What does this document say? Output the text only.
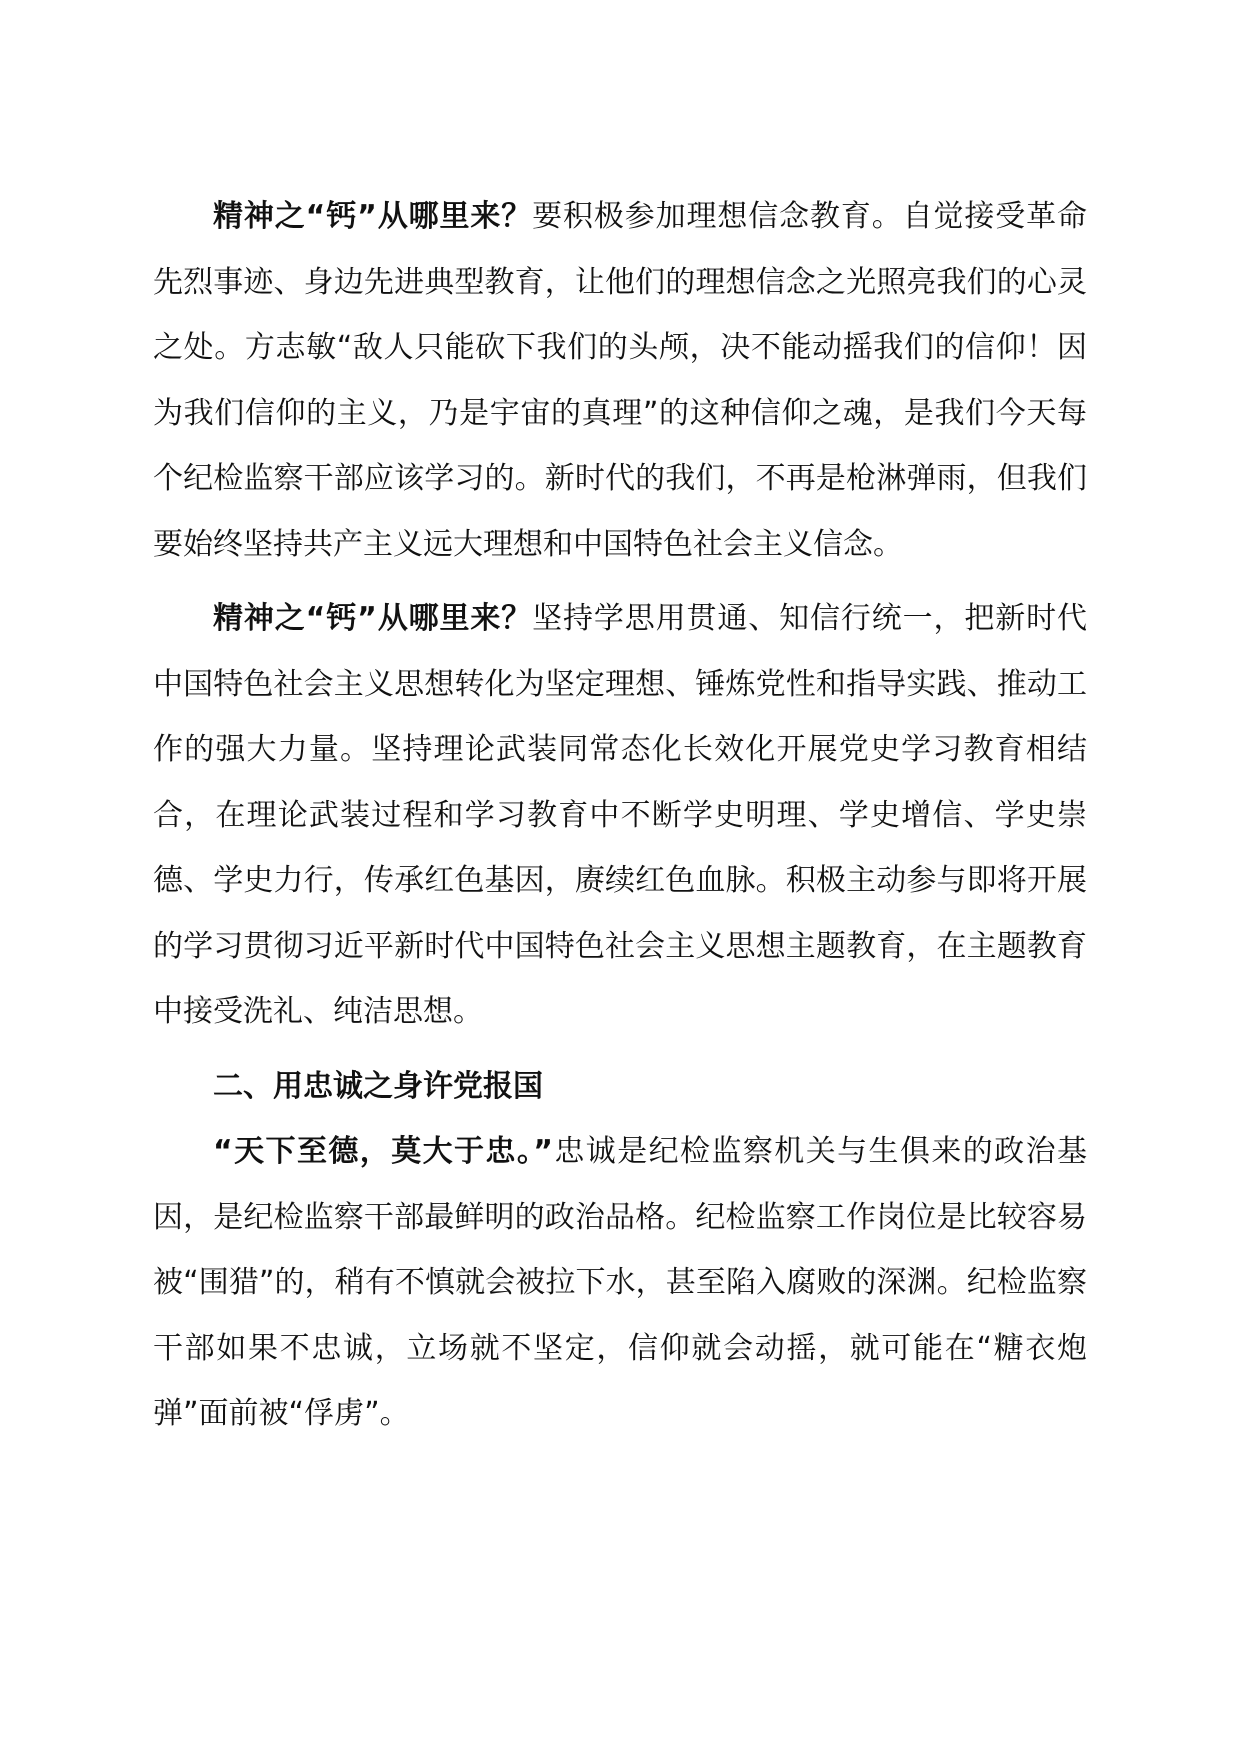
精神之“钙”从哪里来？要积极参加理想信念教育。自觉接受革命先烈事迹、身边先进典型教育，让他们的理想信念之光照亮我们的心灵之处。方志敏“敌人只能砍下我们的头颅，决不能动摇我们的信仰！因为我们信仰的主义，乃是宇宙的真理”的这种信仰之魂，是我们今天每个纪检监察干部应该学习的。新时代的我们，不再是枪淋弹雨，但我们要始终坚持共产主义远大理想和中国特色社会主义信念。

精神之“钙”从哪里来？坚持学思用贯通、知信行统一，把新时代中国特色社会主义思想转化为坚定理想、锤炼党性和指导实践、推动工作的强大力量。坚持理论武装同常态化长效化开展党史学习教育相结合，在理论武装过程和学习教育中不断学史明理、学史增信、学史崇德、学史力行，传承红色基因，赓续红色血脉。积极主动参与即将开展的学习贯彻习近平新时代中国特色社会主义思想主题教育，在主题教育中接受洗礼、纯洁思想。

二、用忠诚之身许党报国

“天下至德，莫大于忠。”忠诚是纪检监察机关与生俱来的政治基因，是纪检监察干部最鲜明的政治品格。纪检监察工作岗位是比较容易被“围猎”的，稍有不慎就会被拉下水，甚至陷入腐败的深渊。纪检监察干部如果不忠诚，立场就不坚定，信仰就会动摇，就可能在“糖衣炮弹”面前被“俘虏”。
